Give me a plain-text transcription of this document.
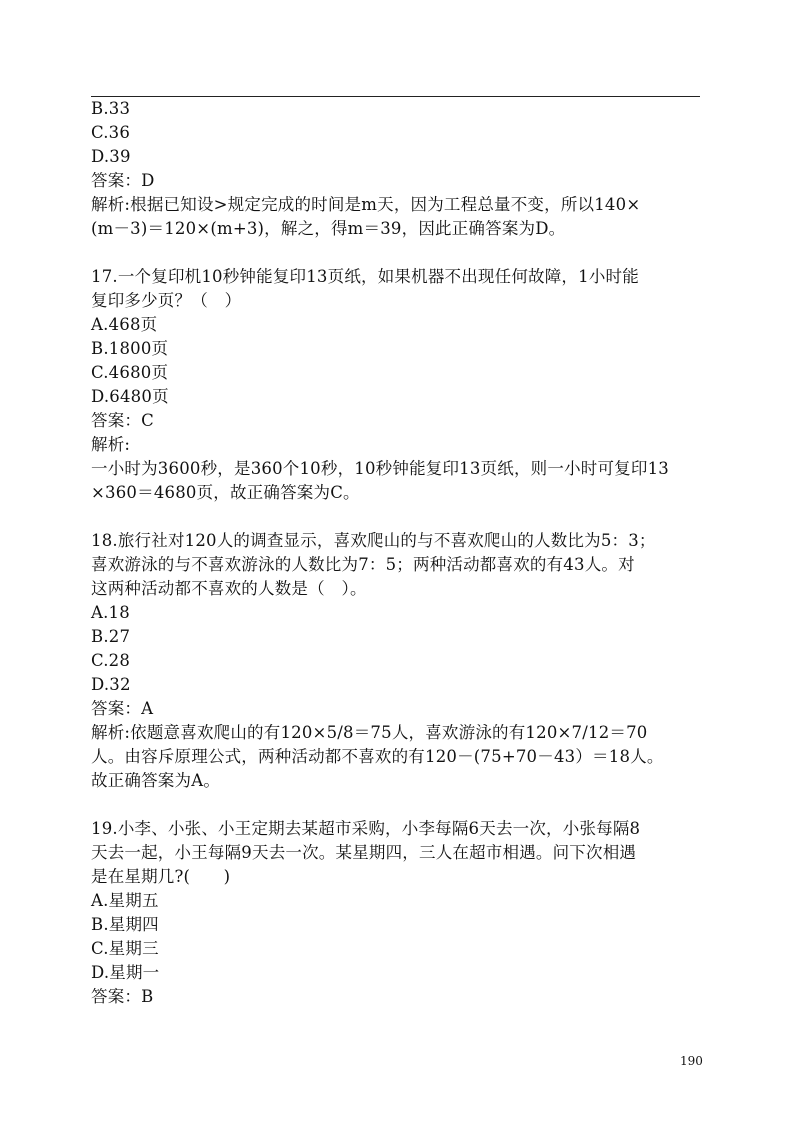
B.33
C.36
D.39
答案：D
解析:根据已知设>规定完成的时间是m天，因为工程总量不变，所以140×
(m－3)＝120×(m+3)，解之，得m＝39，因此正确答案为D。
17.一个复印机10秒钟能复印13页纸，如果机器不出现任何故障，1小时能
复印多少页？（　）
A.468页
B.1800页
C.4680页
D.6480页
答案：C
解析:
一小时为3600秒，是360个10秒，10秒钟能复印13页纸，则一小时可复印13
×360＝4680页，故正确答案为C。
18.旅行社对120人的调查显示，喜欢爬山的与不喜欢爬山的人数比为5：3；
喜欢游泳的与不喜欢游泳的人数比为7：5；两种活动都喜欢的有43人。对
这两种活动都不喜欢的人数是（　）。
A.18
B.27
C.28
D.32
答案：A
解析:依题意喜欢爬山的有120×5/8＝75人，喜欢游泳的有120×7/12＝70
人。由容斥原理公式，两种活动都不喜欢的有120－(75+70－43）＝18人。
故正确答案为A。
19.小李、小张、小王定期去某超市采购，小李每隔6天去一次，小张每隔8
天去一起，小王每隔9天去一次。某星期四，三人在超市相遇。问下次相遇
是在星期几?(　　)
A.星期五
B.星期四
C.星期三
D.星期一
答案：B
190
